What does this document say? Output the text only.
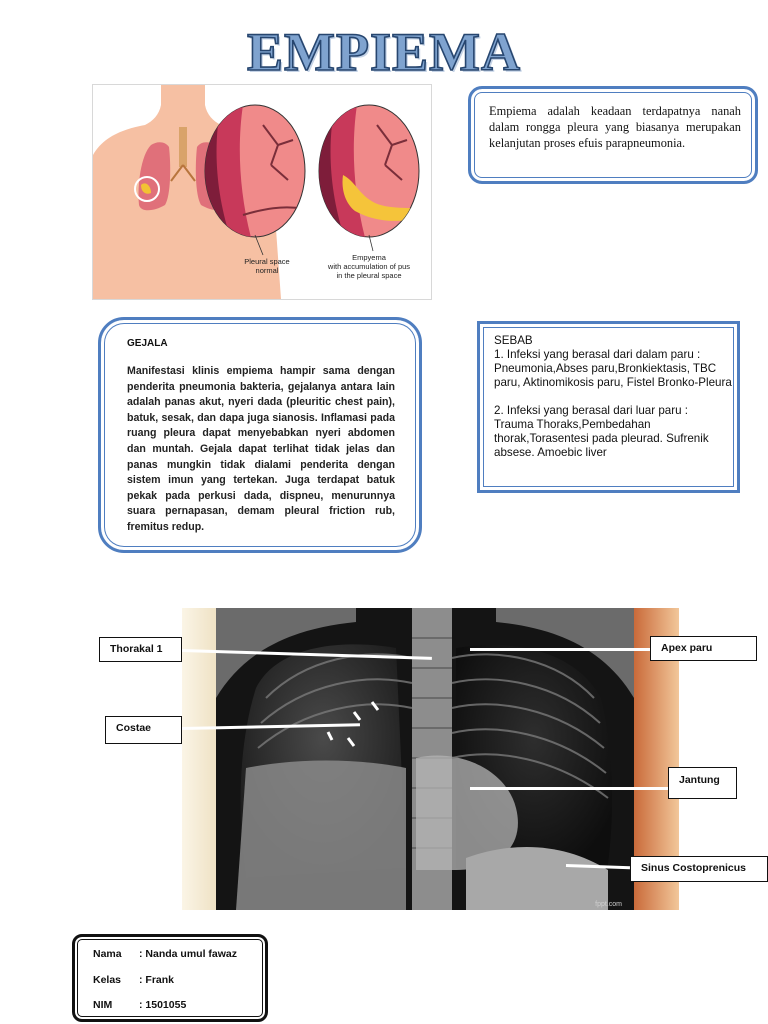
EMPIEMA
Pleural space
normal
Empyema
with accumulation of pus
in the pleural space
Empiema adalah keadaan terdapatnya nanah dalam rongga pleura yang biasanya merupakan kelanjutan proses efuis parapneumonia.
GEJALA
Manifestasi klinis empiema hampir sama dengan penderita pneumonia bakteria, gejalanya antara lain adalah panas akut, nyeri dada (pleuritic chest pain), batuk, sesak, dan dapa juga sianosis. Inflamasi pada ruang pleura dapat menyebabkan nyeri abdomen dan muntah. Gejala dapat terlihat tidak jelas dan panas mungkin tidak dialami penderita dengan sistem imun yang tertekan. Juga terdapat batuk pekak pada perkusi dada, dispneu, menurunnya suara pernapasan, demam pleural friction rub, fremitus redup.

SEBAB

1. Infeksi yang berasal dari dalam paru :

Pneumonia,Abses paru,Bronkiektasis, TBC paru, Aktinomikosis paru, Fistel Bronko-Pleura

2. Infeksi yang berasal dari luar paru :

Trauma Thoraks,Pembedahan thorak,Torasentesi pada pleurad. Sufrenik absese. Amoebic liver

fppt.com
Thorakal 1
Costae
Apex paru
Jantung
Sinus Costoprenicus
Nama : Nanda umul fawaz
Kelas : Frank
NIM	: 1501055
